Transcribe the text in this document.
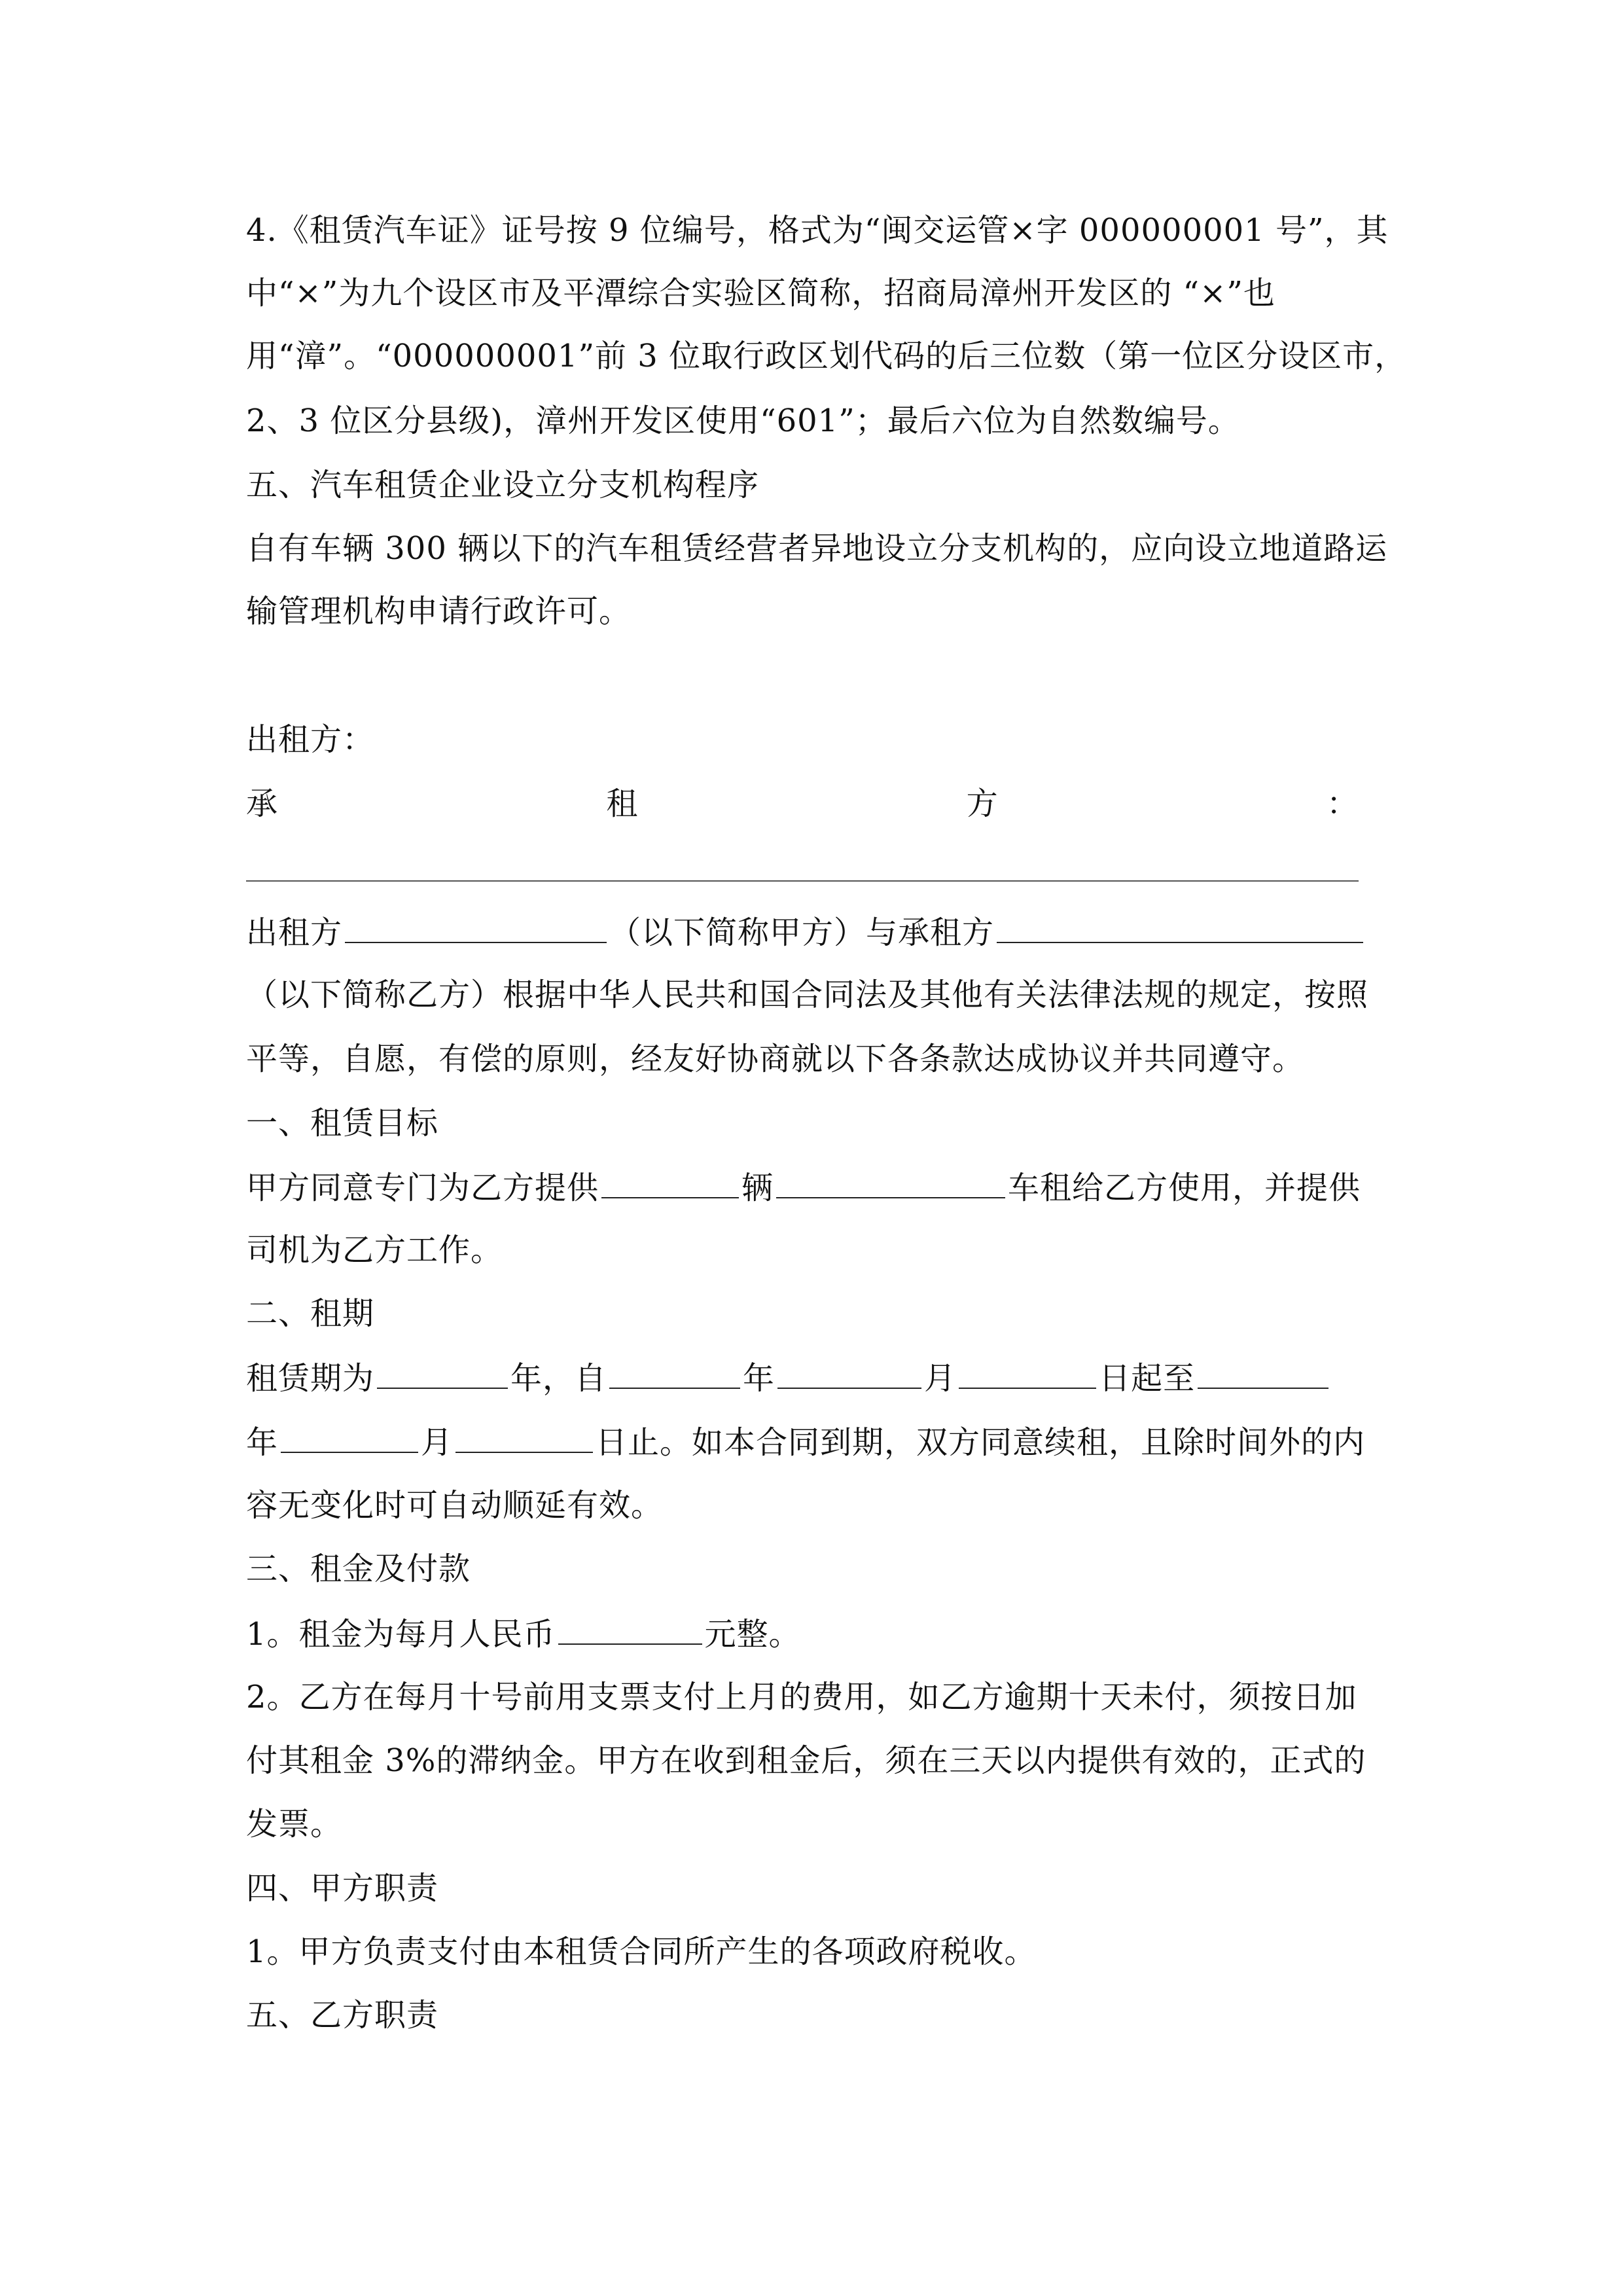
4.《租赁汽车证》证号按 9 位编号，格式为“闽交运管×字 000000001 号”，其
中“×”为九个设区市及平潭综合实验区简称，招商局漳州开发区的 “×”也
用“漳”。“000000001”前 3 位取行政区划代码的后三位数（第一位区分设区市，
2、3 位区分县级)，漳州开发区使用“601”；最后六位为自然数编号。
五、汽车租赁企业设立分支机构程序
自有车辆 300 辆以下的汽车租赁经营者异地设立分支机构的，应向设立地道路运
输管理机构申请行政许可。
出租方：
承	租	方	：
出租方	（以下简称甲方）与承租方
（以下简称乙方）根据中华人民共和国合同法及其他有关法律法规的规定，按照
平等，自愿，有偿的原则，经友好协商就以下各条款达成协议并共同遵守。
一、租赁目标
甲方同意专门为乙方提供	辆	车租给乙方使用，并提供
司机为乙方工作。
二、租期
租赁期为	年，自	年	月	日起至
年	月	日止。如本合同到期，双方同意续租，且除时间外的内
容无变化时可自动顺延有效。
三、租金及付款
1。租金为每月人民币	元整。
2。乙方在每月十号前用支票支付上月的费用，如乙方逾期十天未付，须按日加
付其租金 3%的滞纳金。甲方在收到租金后，须在三天以内提供有效的，正式的
发票。
四、甲方职责
1。甲方负责支付由本租赁合同所产生的各项政府税收。
五、乙方职责
